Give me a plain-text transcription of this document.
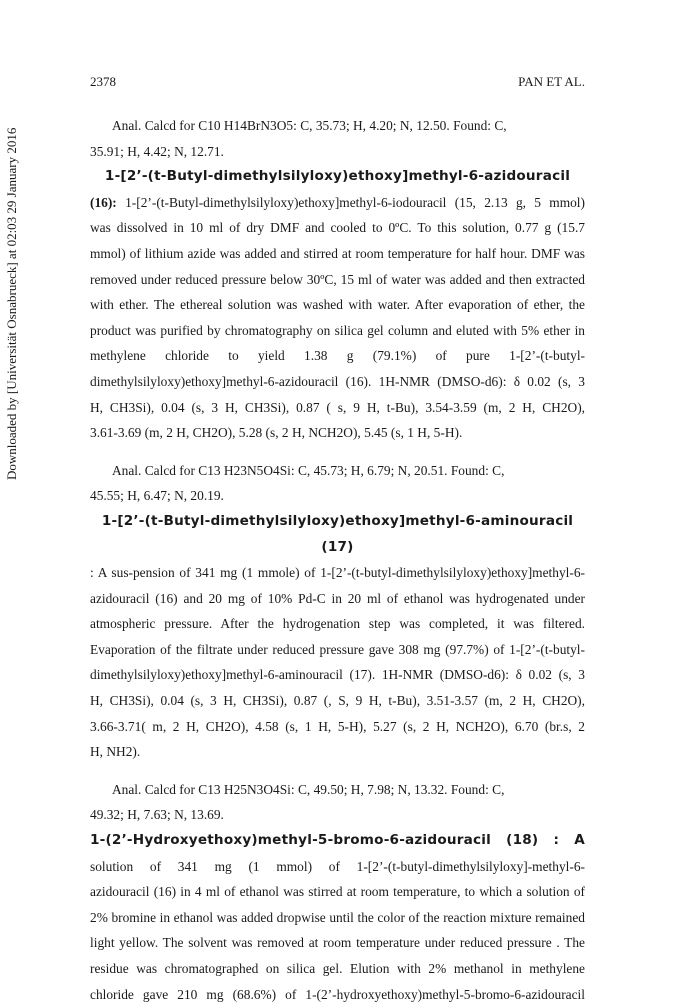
2378	PAN ET AL.
Downloaded by [Universität Osnabrueck] at 02:03 29 January 2016
Anal. Calcd for C10 H14BrN3O5: C, 35.73; H, 4.20; N, 12.50. Found: C,
35.91; H, 4.42; N, 12.71.

1-[2’-(t-Butyl-dimethylsilyloxy)ethoxy]methyl-6-azidouracil

(16): 1-[2’-(t-Butyl-dimethylsilyloxy)ethoxy]methyl-6-iodouracil (15, 2.13 g, 5 mmol)
was dissolved in 10 ml of dry DMF and cooled to 0ºC. To this solution, 0.77 g (15.7
mmol) of lithium azide was added and stirred at room temperature for half hour. DMF was
removed under reduced pressure below 30ºC, 15 ml of water was added and then extracted
with ether. The ethereal solution was washed with water. After evaporation of ether, the
product was purified by chromatography on silica gel column and eluted with 5% ether in
methylene chloride to yield 1.38 g (79.1%) of pure 1-[2’-(t-butyl-
dimethylsilyloxy)ethoxy]methyl-6-azidouracil (16). 1H-NMR (DMSO-d6): δ 0.02 (s, 3
H, CH3Si), 0.04 (s, 3 H, CH3Si), 0.87 ( s, 9 H, t-Bu), 3.54-3.59 (m, 2 H, CH2O),
3.61-3.69 (m, 2 H, CH2O), 5.28 (s, 2 H, NCH2O), 5.45 (s, 1 H, 5-H).
Anal. Calcd for C13 H23N5O4Si: C, 45.73; H, 6.79; N, 20.51. Found: C,
45.55; H, 6.47; N, 20.19.

1-[2’-(t-Butyl-dimethylsilyloxy)ethoxy]methyl-6-aminouracil (17)

: A sus-pension of 341 mg (1 mmole) of 1-[2’-(t-butyl-dimethylsilyloxy)ethoxy]methyl-6-
azidouracil (16) and 20 mg of 10% Pd-C in 20 ml of ethanol was hydrogenated under
atmospheric pressure. After the hydrogenation step was completed, it was filtered.
Evaporation of the filtrate under reduced pressure gave 308 mg (97.7%) of 1-[2’-(t-butyl-
dimethylsilyloxy)ethoxy]methyl-6-aminouracil (17). 1H-NMR (DMSO-d6): δ 0.02 (s, 3
H, CH3Si), 0.04 (s, 3 H, CH3Si), 0.87 (, S, 9 H, t-Bu), 3.51-3.57 (m, 2 H, CH2O),
3.66-3.71( m, 2 H, CH2O), 4.58 (s, 1 H, 5-H), 5.27 (s, 2 H, NCH2O), 6.70 (br.s, 2
H, NH2).
Anal. Calcd for C13 H25N3O4Si: C, 49.50; H, 7.98; N, 13.32. Found: C,
49.32; H, 7.63; N, 13.69.

1-(2’-Hydroxyethoxy)methyl-5-bromo-6-azidouracil (18) : A

solution of 341 mg (1 mmol) of 1-[2’-(t-butyl-dimethylsilyloxy]-methyl-6-
azidouracil (16) in 4 ml of ethanol was stirred at room temperature, to which a solution of
2% bromine in ethanol was added dropwise until the color of the reaction mixture remained
light yellow. The solvent was removed at room temperature under reduced pressure . The
residue was chromatographed on silica gel. Elution with 2% methanol in methylene
chloride gave 210 mg (68.6%) of 1-(2’-hydroxyethoxy)methyl-5-bromo-6-azidouracil
